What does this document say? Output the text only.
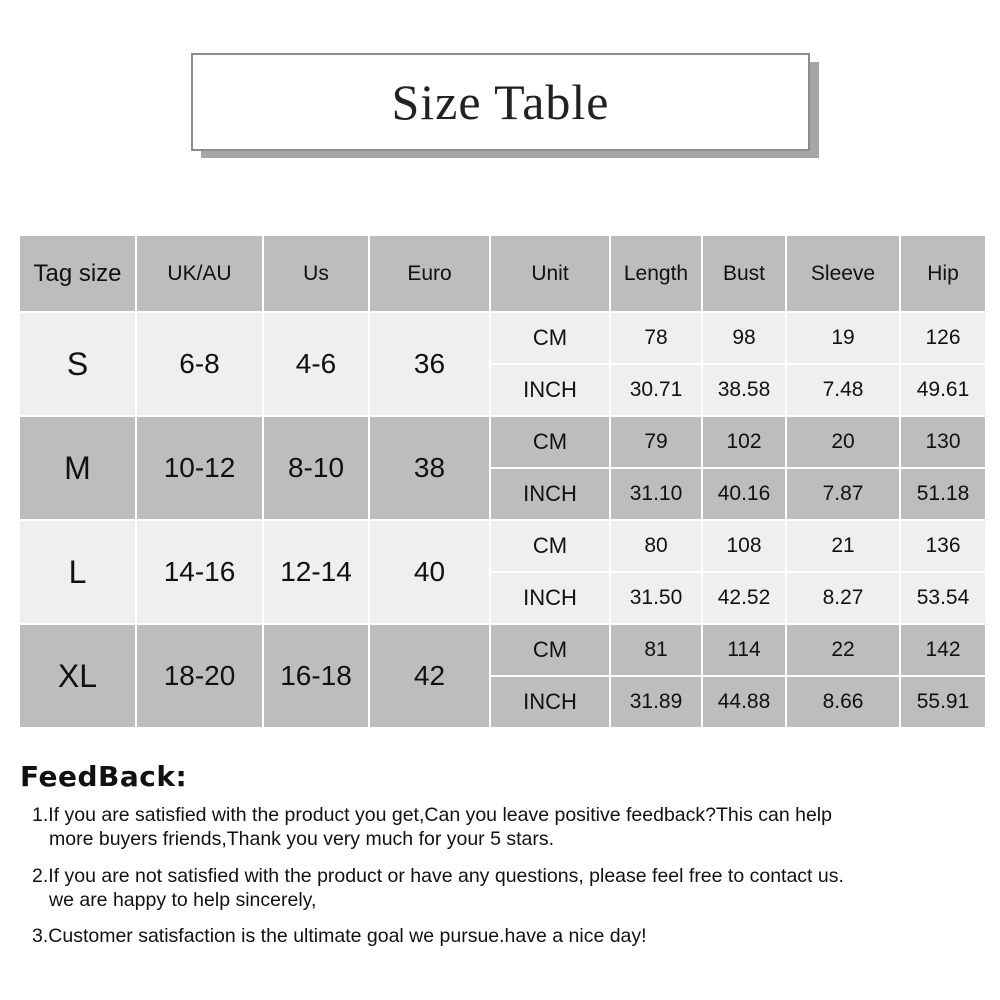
Size Table
Tag size	UK/AU	Us	Euro	Unit	Length	Bust	Sleeve	Hip
S	6-8	4-6	36	CM	78	98	19	126
				INCH	30.71	38.58	7.48	49.61
M	10-12	8-10	38	CM	79	102	20	130
				INCH	31.10	40.16	7.87	51.18
L	14-16	12-14	40	CM	80	108	21	136
				INCH	31.50	42.52	8.27	53.54
XL	18-20	16-18	42	CM	81	114	22	142
				INCH	31.89	44.88	8.66	55.91
FeedBack:
1.If you are satisfied with the product you get,Can you leave positive feedback?This can help
more buyers friends,Thank you very much for your 5 stars.
2.If you are not satisfied with the product or have any questions, please feel free to contact us.
we are happy to help sincerely,
3.Customer satisfaction is the ultimate goal we pursue.have a nice day!
